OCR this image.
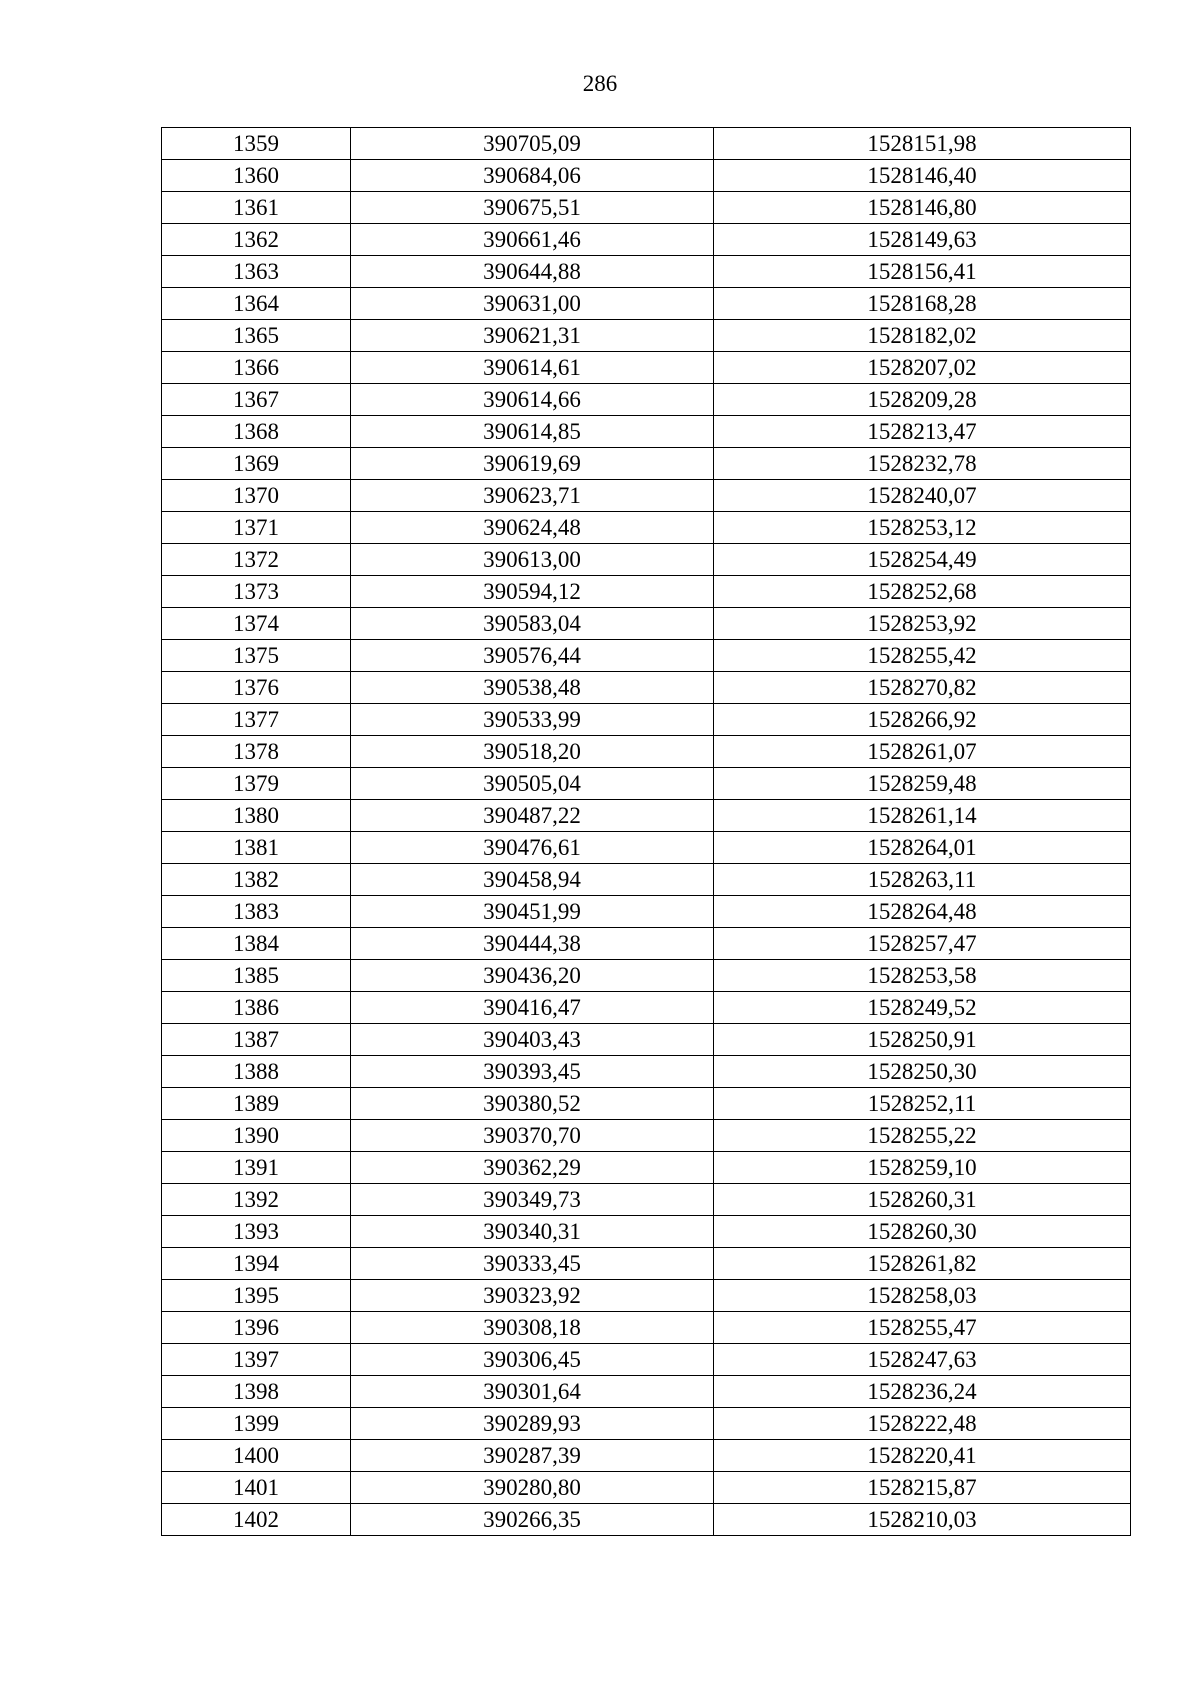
286
1359	390705,09	1528151,98
1360	390684,06	1528146,40
1361	390675,51	1528146,80
1362	390661,46	1528149,63
1363	390644,88	1528156,41
1364	390631,00	1528168,28
1365	390621,31	1528182,02
1366	390614,61	1528207,02
1367	390614,66	1528209,28
1368	390614,85	1528213,47
1369	390619,69	1528232,78
1370	390623,71	1528240,07
1371	390624,48	1528253,12
1372	390613,00	1528254,49
1373	390594,12	1528252,68
1374	390583,04	1528253,92
1375	390576,44	1528255,42
1376	390538,48	1528270,82
1377	390533,99	1528266,92
1378	390518,20	1528261,07
1379	390505,04	1528259,48
1380	390487,22	1528261,14
1381	390476,61	1528264,01
1382	390458,94	1528263,11
1383	390451,99	1528264,48
1384	390444,38	1528257,47
1385	390436,20	1528253,58
1386	390416,47	1528249,52
1387	390403,43	1528250,91
1388	390393,45	1528250,30
1389	390380,52	1528252,11
1390	390370,70	1528255,22
1391	390362,29	1528259,10
1392	390349,73	1528260,31
1393	390340,31	1528260,30
1394	390333,45	1528261,82
1395	390323,92	1528258,03
1396	390308,18	1528255,47
1397	390306,45	1528247,63
1398	390301,64	1528236,24
1399	390289,93	1528222,48
1400	390287,39	1528220,41
1401	390280,80	1528215,87
1402	390266,35	1528210,03
